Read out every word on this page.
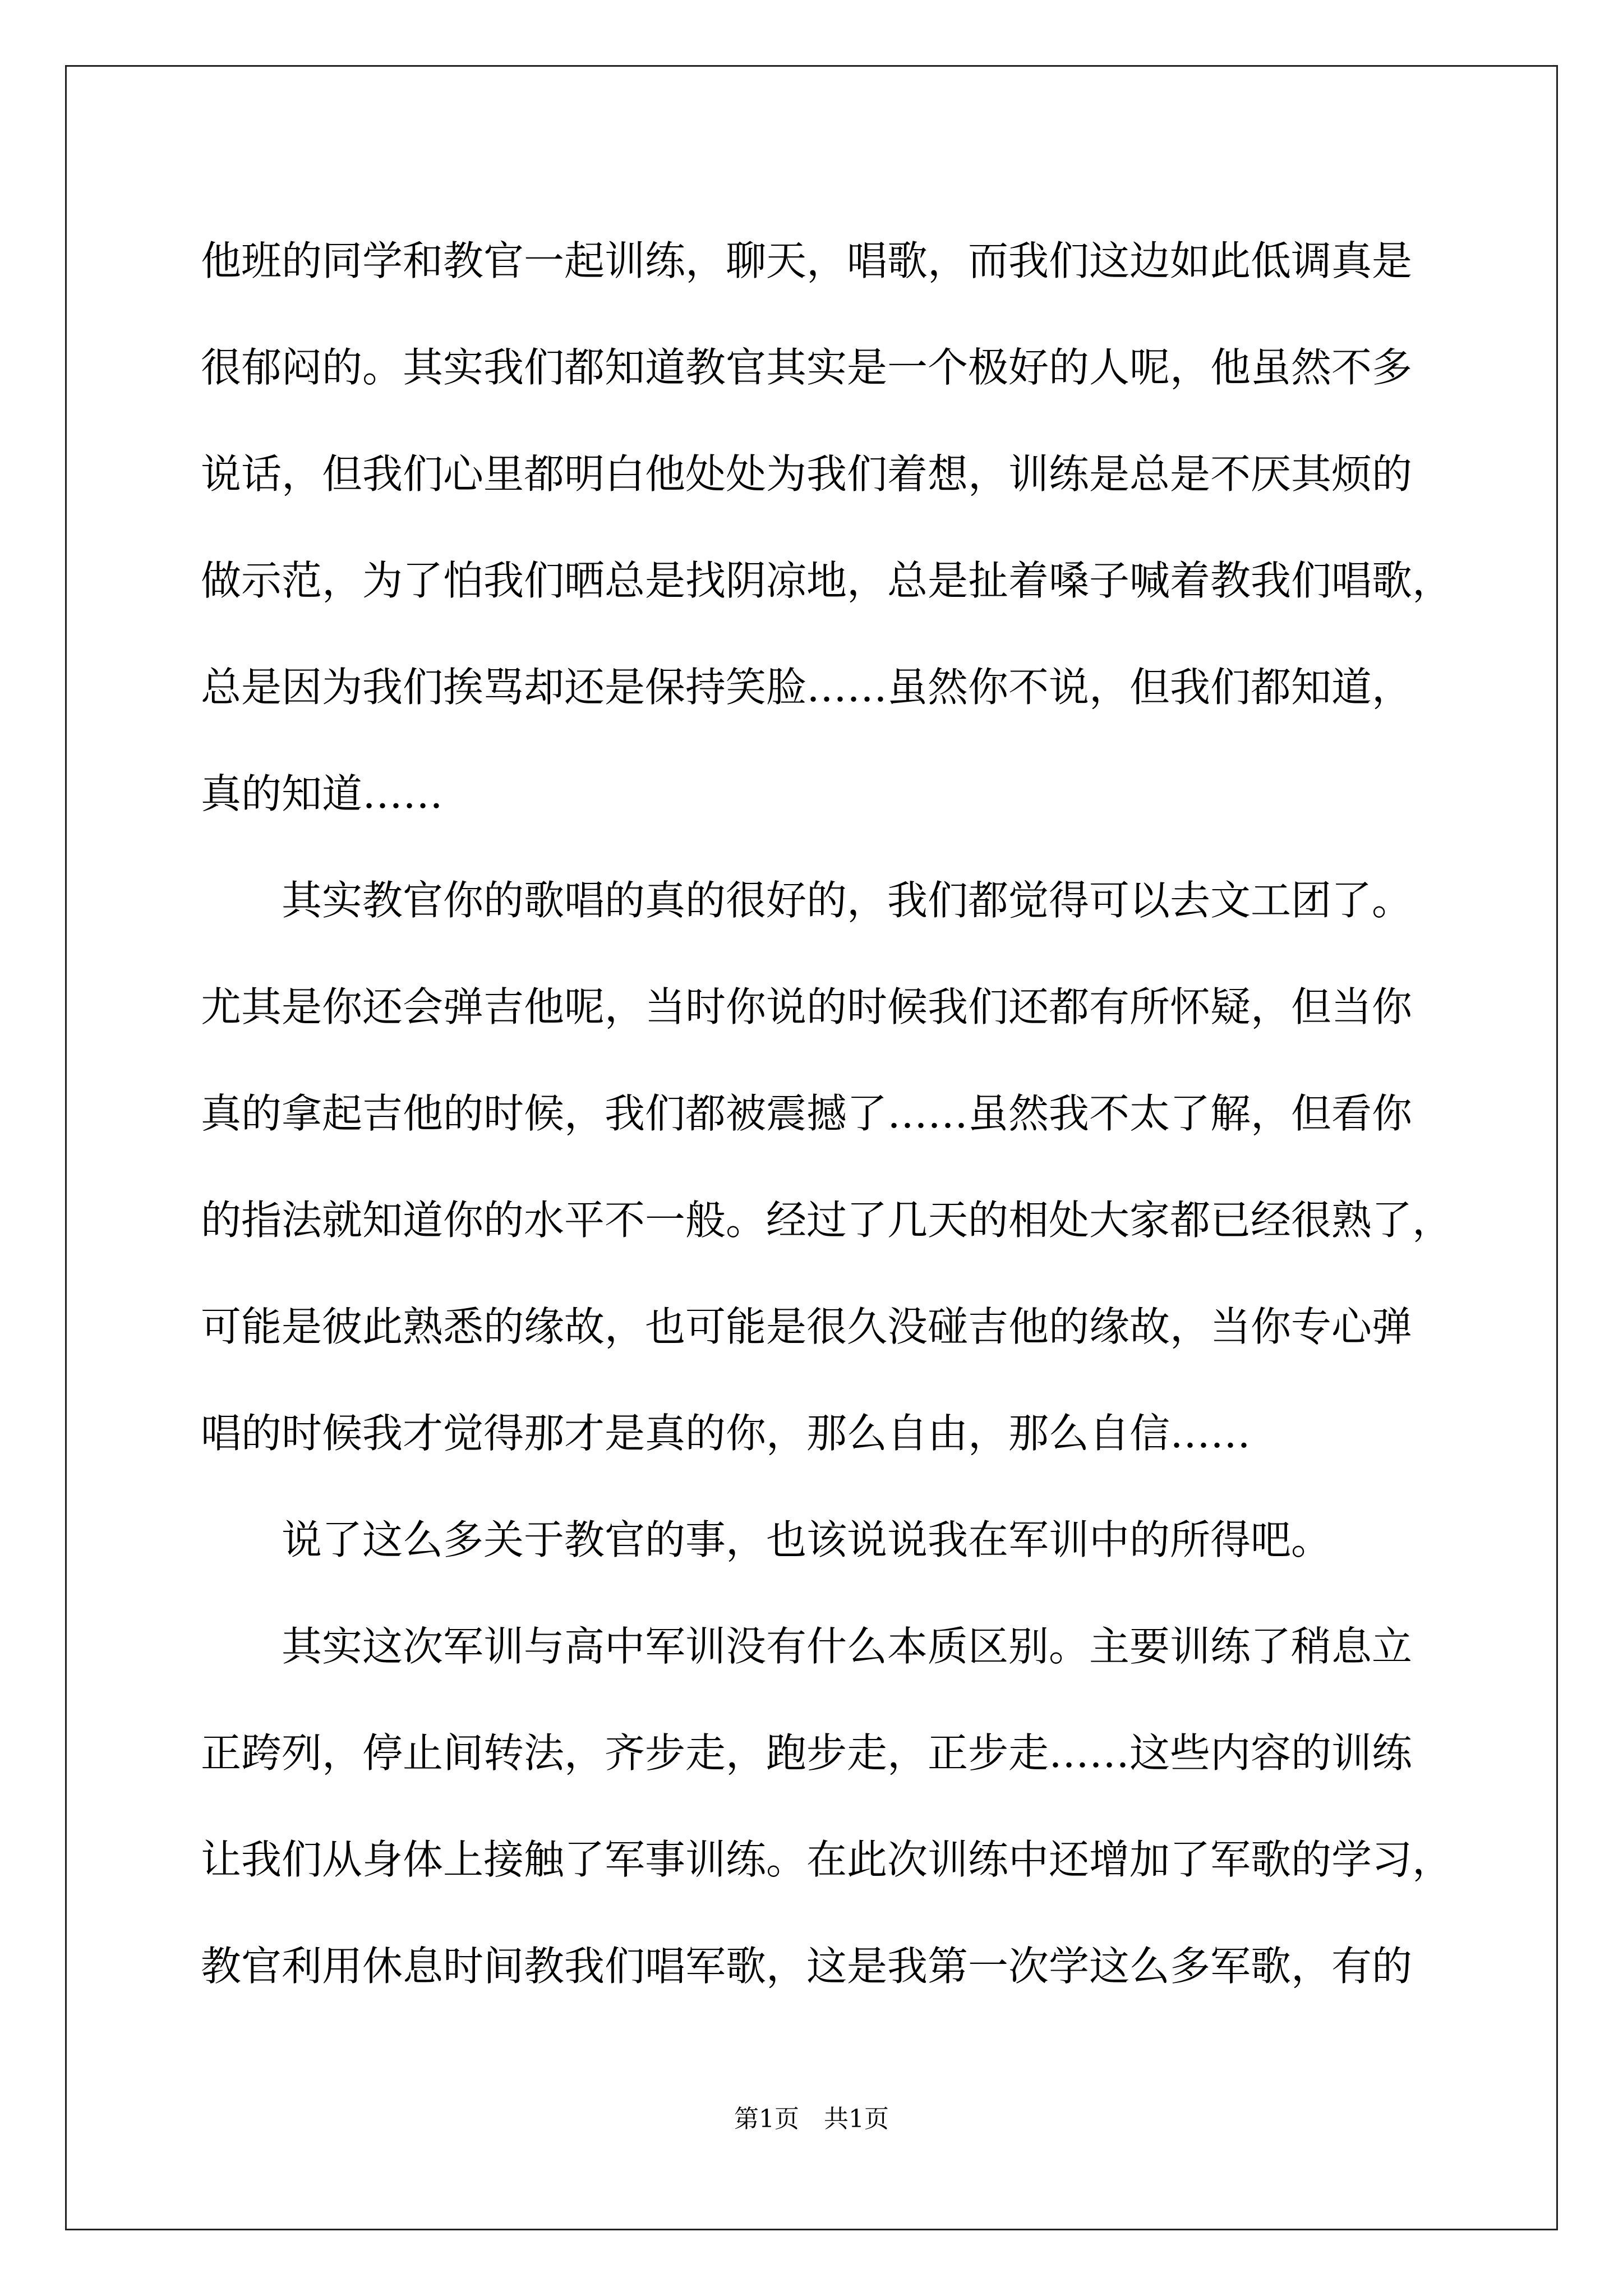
他班的同学和教官一起训练，聊天，唱歌，而我们这边如此低调真是
很郁闷的。其实我们都知道教官其实是一个极好的人呢，他虽然不多
说话，但我们心里都明白他处处为我们着想，训练是总是不厌其烦的
做示范，为了怕我们晒总是找阴凉地，总是扯着嗓子喊着教我们唱歌，
总是因为我们挨骂却还是保持笑脸……虽然你不说，但我们都知道，
真的知道……
其实教官你的歌唱的真的很好的，我们都觉得可以去文工团了。
尤其是你还会弹吉他呢，当时你说的时候我们还都有所怀疑，但当你
真的拿起吉他的时候，我们都被震撼了……虽然我不太了解，但看你
的指法就知道你的水平不一般。经过了几天的相处大家都已经很熟了，
可能是彼此熟悉的缘故，也可能是很久没碰吉他的缘故，当你专心弹
唱的时候我才觉得那才是真的你，那么自由，那么自信……
说了这么多关于教官的事，也该说说我在军训中的所得吧。
其实这次军训与高中军训没有什么本质区别。主要训练了稍息立
正跨列，停止间转法，齐步走，跑步走，正步走……这些内容的训练
让我们从身体上接触了军事训练。在此次训练中还增加了军歌的学习，
教官利用休息时间教我们唱军歌，这是我第一次学这么多军歌，有的
第1页 共1页
